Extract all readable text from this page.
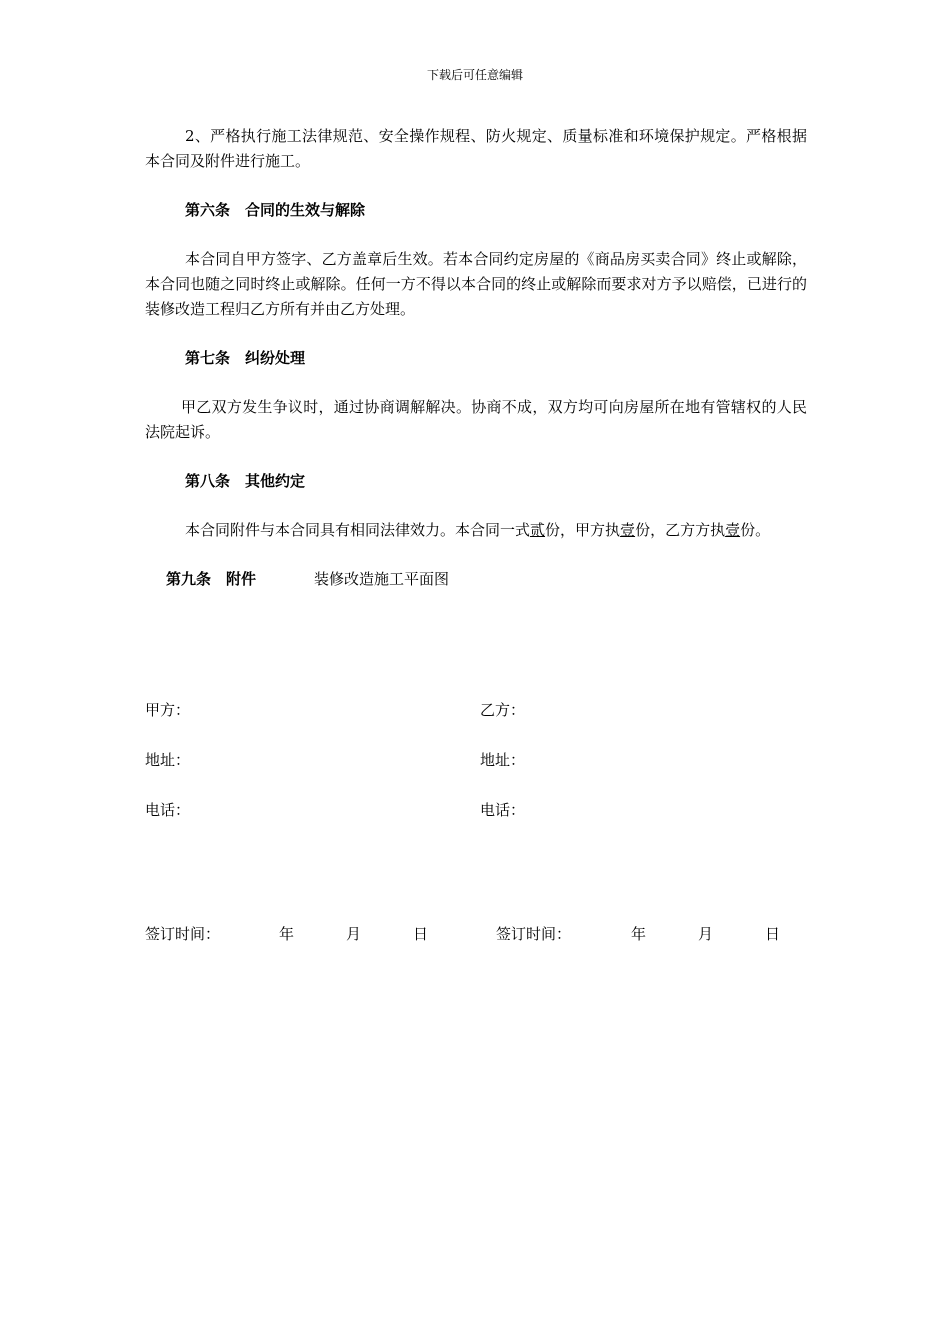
下载后可任意编辑
2、严格执行施工法律规范、安全操作规程、防火规定、质量标准和环境保护规定。严格根据本合同及附件进行施工。
第六条　合同的生效与解除
本合同自甲方签字、乙方盖章后生效。若本合同约定房屋的《商品房买卖合同》终止或解除，本合同也随之同时终止或解除。任何一方不得以本合同的终止或解除而要求对方予以赔偿，已进行的装修改造工程归乙方所有并由乙方处理。
第七条　纠纷处理
甲乙双方发生争议时，通过协商调解解决。协商不成，双方均可向房屋所在地有管辖权的人民法院起诉。
第八条　其他约定
本合同附件与本合同具有相同法律效力。本合同一式贰份，甲方执壹份，乙方方执壹份。
第九条　附件	装修改造施工平面图
甲方：	乙方：
地址：	地址：
电话：	电话：
签订时间：	年	月	日	签订时间：	年	月	日
